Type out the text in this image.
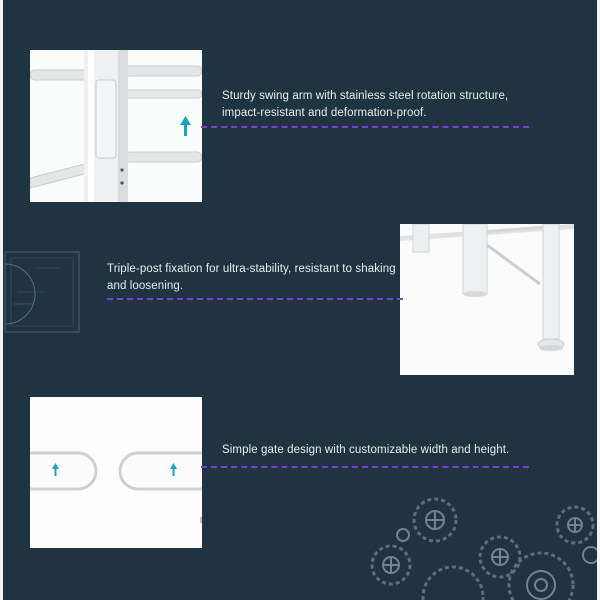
Sturdy swing arm with stainless steel rotation structure, impact-resistant and deformation-proof.

Triple-post fixation for ultra-stability, resistant to shaking and loosening.

Simple gate design with customizable width and height.
